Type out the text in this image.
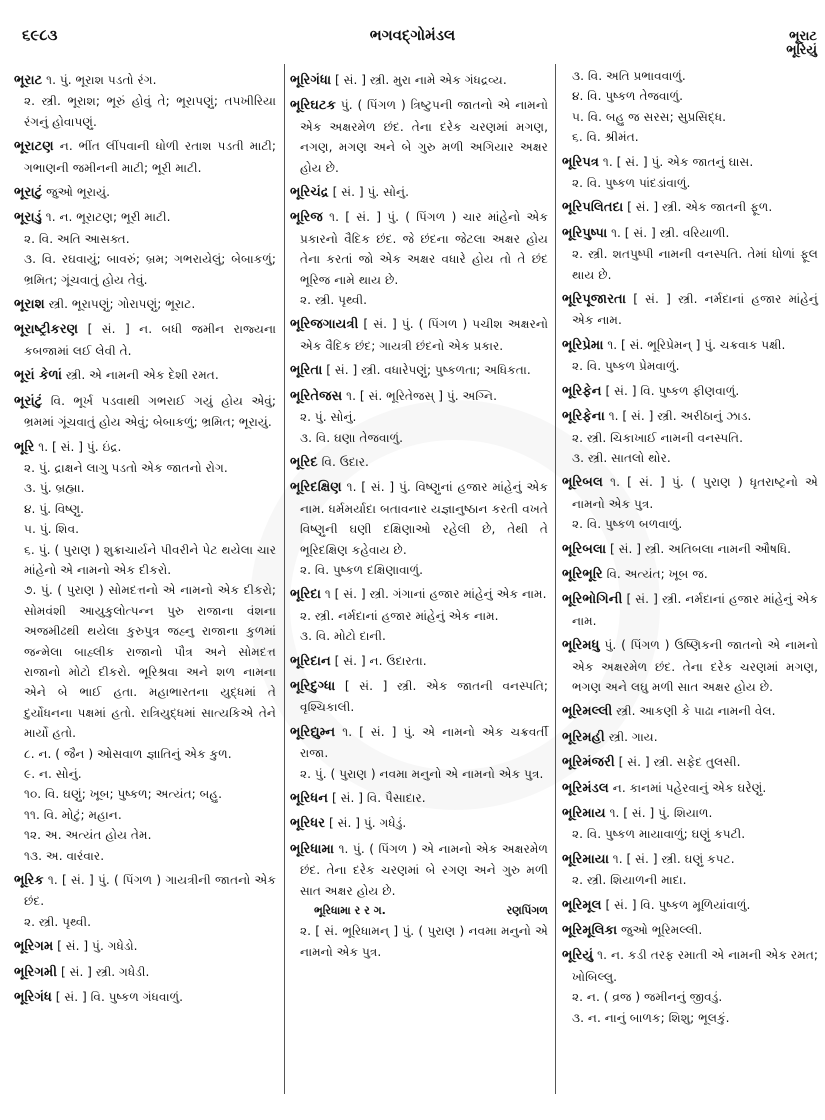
૬૯૮૩	ભગવદ્ગોમંડલ	ભૂરાટ
ભૂરિયું
ભૂરાટ ૧. પું. ભૂરાશ પડતો રંગ.
૨. સ્ત્રી. ભૂરાશ; ભૂરું હોવું તે; ભૂરાપણું; તપખીરિયા રંગનું હોવાપણું.
ભૂરાટણ ન. ભીંત લીંપવાની ધોળી રતાશ પડતી માટી; ગભાણની જમીનની માટી; ભૂરી માટી.
ભૂરાટું જુઓ ભૂરાયું.
ભૂરાડું ૧. ન. ભૂરાટણ; ભૂરી માટી.
૨. વિ. અતિ આસક્ત.
૩. વિ. રઘવાયું; બાવરું; બ્રમ; ગભરાયેલું; બેબાકળું; ભ્રમિત; ગૂંચવાતું હોય તેવું.
ભૂરાશ સ્ત્રી. ભૂરાપણું; ગોરાપણું; ભૂરાટ.
ભૂરાષ્ટ્રીકરણ [ સં. ] ન. બધી જમીન રાજ્યના કબજામાં લઈ લેવી તે.
ભૂરાં કેળાં સ્ત્રી. એ નામની એક દેશી રમત.
ભૂરાંટું વિ. ભૂર્ખ પડવાથી ગભરાઈ ગયું હોય એવું; ભ્રમમાં ગૂંચવાતું હોય એવું; બેબાકળું; ભ્રમિત; ભૂરાયું.
ભૂરિ ૧. [ સં. ] પું. ઇંદ્ર.
૨. પું. દ્રાક્ષને લાગુ પડતો એક જાતનો રોગ.
૩. પું. બ્રહ્મા.
૪. પું. વિષ્ણુ.
૫. પું. શિવ.
૬. પું. ( પુરાણ ) શુક્રાચાર્યને પીવરીને પેટ થયેલા ચાર માંહેનો એ નામનો એક દીકરો.
૭. પું. ( પુરાણ ) સોમદત્તનો એ નામનો એક દીકરો; સોમવંશી આયુકુલોત્પન્ન પુરુ રાજાના વંશના અજમીઢથી થયેલા કુરુપુત્ર જહ્નુ રાજાના કુળમાં જન્મેલા બાહ્લીક રાજાનો પૌત્ર અને સોમદત્ત રાજાનો મોટો દીકરો. ભૂરિશ્રવા અને શળ નામના એને બે ભાઈ હતા. મહાભારતના યુદ્ધમાં તે દુર્યોધનના પક્ષમાં હતો. રાત્રિયુદ્ધમાં સાત્યકિએ તેને માર્યો હતો.
૮. ન. ( જૈન ) ઓસવાળ જ્ઞાતિનું એક કુળ.
૯. ન. સોનું.
૧૦. વિ. ઘણું; ખૂબ; પુષ્કળ; અત્યંત; બહુ.
૧૧. વિ. મોટું; મહાન.
૧૨. અ. અત્યંત હોય તેમ.
૧૩. અ. વારંવાર.
ભૂરિક ૧. [ સં. ] પું. ( પિંગળ ) ગાયત્રીની જાતનો એક છંદ.
૨. સ્ત્રી. પૃથ્વી.
ભૂરિગમ [ સં. ] પું. ગધેડો.
ભૂરિગમી [ સં. ] સ્ત્રી. ગધેડી.
ભૂરિગંધ [ સં. ] વિ. પુષ્કળ ગંધવાળું.
ભૂરિગંધા [ સં. ] સ્ત્રી. મુરા નામે એક ગંધદ્રવ્ય.
ભૂરિઘટક પું. ( પિંગળ ) ત્રિષ્ટુપની જાતનો એ નામનો એક અક્ષરમેળ છંદ. તેના દરેક ચરણમાં મગણ, નગણ, મગણ અને બે ગુરુ મળી અગિયાર અક્ષર હોય છે.
ભૂરિચંદ્ર [ સં. ] પું. સોનું.
ભૂરિજ ૧. [ સં. ] પું. ( પિંગળ ) ચાર માંહેનો એક પ્રકારનો વૈદિક છંદ. જે છંદના જેટલા અક્ષર હોય તેના કરતાં જો એક અક્ષર વધારે હોય તો તે છંદ ભૂરિજ નામે થાય છે.
૨. સ્ત્રી. પૃથ્વી.
ભૂરિજગાયત્રી [ સં. ] પું. ( પિંગળ ) પચીશ અક્ષરનો એક વૈદિક છંદ; ગાયત્રી છંદનો એક પ્રકાર.
ભૂરિતા [ સં. ] સ્ત્રી. વધારેપણું; પુષ્કળતા; અધિકતા.
ભૂરિતેજસ ૧. [ સં. ભૂરિતેજસ્ ] પું. અગ્નિ.
૨. પું. સોનું.
૩. વિ. ઘણા તેજવાળું.
ભૂરિદ વિ. ઉદાર.
ભૂરિદક્ષિણ ૧. [ સં. ] પું. વિષ્ણુનાં હજાર માંહેનું એક નામ. ધર્મમર્યાદા બતાવનાર યજ્ઞાનુષ્ઠાન કરતી વખતે વિષ્ણુની ઘણી દક્ષિણાઓ રહેલી છે, તેથી તે ભૂરિદક્ષિણ કહેવાય છે.
૨. વિ. પુષ્કળ દક્ષિણાવાળું.
ભૂરિદા ૧ [ સં. ] સ્ત્રી. ગંગાનાં હજાર માંહેનું એક નામ.
૨. સ્ત્રી. નર્મદાનાં હજાર માંહેનું એક નામ.
૩. વિ. મોટો દાની.
ભૂરિદાન [ સં. ] ન. ઉદારતા.
ભૂરિદુગ્ધા [ સં. ] સ્ત્રી. એક જાતની વનસ્પતિ; વૃશ્ચિકાલી.
ભૂરિદ્યુમ્ન ૧. [ સં. ] પું. એ નામનો એક ચક્રવર્તી રાજા.
૨. પું. ( પુરાણ ) નવમા મનુનો એ નામનો એક પુત્ર.
ભૂરિધન [ સં. ] વિ. પૈસાદાર.
ભૂરિધર [ સં. ] પું. ગધેડું.
ભૂરિધામા ૧. પું. ( પિંગળ ) એ નામનો એક અક્ષરમેળ છંદ. તેના દરેક ચરણમાં બે રગણ અને ગુરુ મળી સાત અક્ષર હોય છે.
ભૂરિધામા ર ર ગ.	રણપિંગળ
૨. [ સં. ભૂરિધામન્ ] પું. ( પુરાણ ) નવમા મનુનો એ નામનો એક પુત્ર.
૩. વિ. અતિ પ્રભાવવાળું.
૪. વિ. પુષ્કળ તેજવાળું.
૫. વિ. બહુ જ સરસ; સુપ્રસિદ્ધ.
૬. વિ. શ્રીમંત.
ભૂરિપત્ર ૧. [ સં. ] પું. એક જાતનું ઘાસ.
૨. વિ. પુષ્કળ પાંદડાંવાળું.
ભૂરિપલિતદા [ સં. ] સ્ત્રી. એક જાતની ફૂળ.
ભૂરિપુષ્પા ૧. [ સં. ] સ્ત્રી. વરિયાળી.
૨. સ્ત્રી. શતપુષ્પી નામની વનસ્પતિ. તેમાં ધોળાં ફૂલ થાય છે.
ભૂરિપૂજારતા [ સં. ] સ્ત્રી. નર્મદાનાં હજાર માંહેનું એક નામ.
ભૂરિપ્રેમા ૧. [ સં. ભૂરિપ્રેમન્ ] પું. ચક્રવાક પક્ષી.
૨. વિ. પુષ્કળ પ્રેમવાળું.
ભૂરિફેન [ સં. ] વિ. પુષ્કળ ફીણવાળું.
ભૂરિફેના ૧. [ સં. ] સ્ત્રી. અરીઠાનું ઝાડ.
૨. સ્ત્રી. ચિકાખાઈ નામની વનસ્પતિ.
૩. સ્ત્રી. સાતલો થોર.
ભૂરિબલ ૧. [ સં. ] પું. ( પુરાણ ) ધૃતરાષ્ટ્રનો એ નામનો એક પુત્ર.
૨. વિ. પુષ્કળ બળવાળું.
ભૂરિબલા [ સં. ] સ્ત્રી. અતિબલા નામની ઔષધિ.
ભૂરિભૂરિ વિ. અત્યંત; ખૂબ જ.
ભૂરિભોગિની [ સં. ] સ્ત્રી. નર્મદાનાં હજાર માંહેનું એક નામ.
ભૂરિમધુ પું. ( પિંગળ ) ઉષ્ણિકની જાતનો એ નામનો એક અક્ષરમેળ છંદ. તેના દરેક ચરણમાં મગણ, ભગણ અને લઘુ મળી સાત અક્ષર હોય છે.
ભૂરિમલ્લી સ્ત્રી. આકણી કે પાઢા નામની વેલ.
ભૂરિમહી સ્ત્રી. ગાય.
ભૂરિમંજરી [ સં. ] સ્ત્રી. સફેદ તુલસી.
ભૂરિમંડલ ન. કાનમાં પહેરવાનું એક ઘરેણું.
ભૂરિમાય ૧. [ સં. ] પું. શિયાળ.
૨. વિ. પુષ્કળ માયાવાળું; ઘણું કપટી.
ભૂરિમાયા ૧. [ સં. ] સ્ત્રી. ઘણું કપટ.
૨. સ્ત્રી. શિયાળની માદા.
ભૂરિમૂલ [ સં. ] વિ. પુષ્કળ મૂળિયાંવાળું.
ભૂરિમૂલિકા જુઓ ભૂરિમલ્લી.
ભૂરિયું ૧. ન. કડી તરફ રમાતી એ નામની એક રમત; ખોબિલ્લુ.
૨. ન. ( વ્રજ ) જમીનનું જીવડું.
૩. ન. નાનું બાળક; શિશુ; ભૂલકું.
